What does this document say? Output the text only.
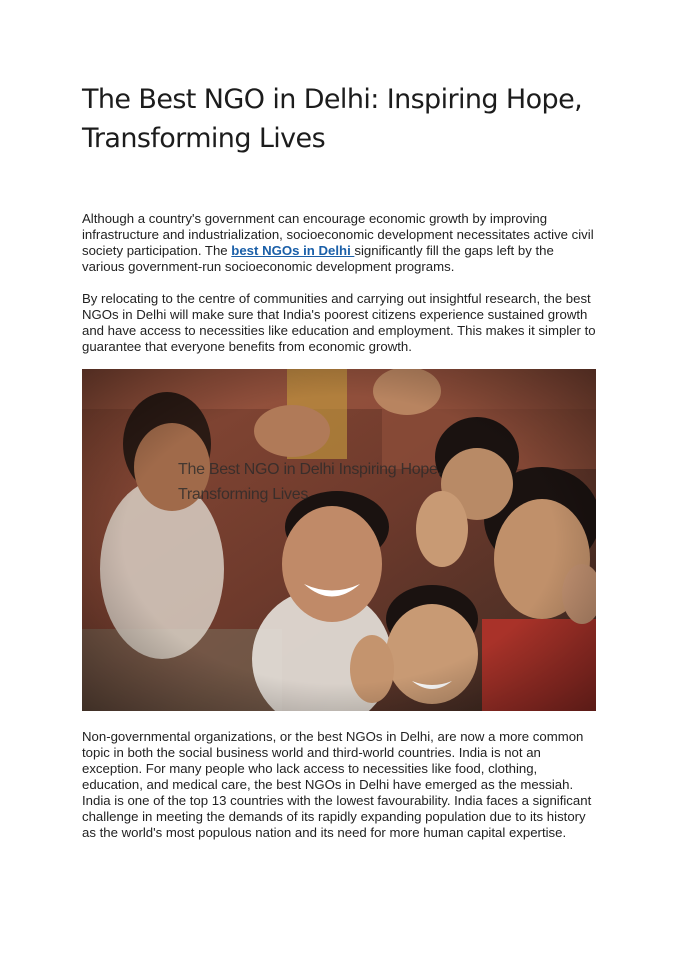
The Best NGO in Delhi: Inspiring Hope,
Transforming Lives

Although a country's government can encourage economic growth by improving infrastructure and industrialization, socioeconomic development necessitates active civil society participation. The best NGOs in Delhi significantly fill the gaps left by the various government-run socioeconomic development programs.

By relocating to the centre of communities and carrying out insightful research, the best NGOs in Delhi will make sure that India's poorest citizens experience sustained growth and have access to necessities like education and employment. This makes it simpler to guarantee that everyone benefits from economic growth.

The Best NGO in Delhi Inspiring Hope,
Transforming Lives

Non-governmental organizations, or the best NGOs in Delhi, are now a more common topic in both the social business world and third-world countries. India is not an exception. For many people who lack access to necessities like food, clothing, education, and medical care, the best NGOs in Delhi have emerged as the messiah. India is one of the top 13 countries with the lowest favourability. India faces a significant challenge in meeting the demands of its rapidly expanding population due to its history as the world's most populous nation and its need for more human capital expertise.
